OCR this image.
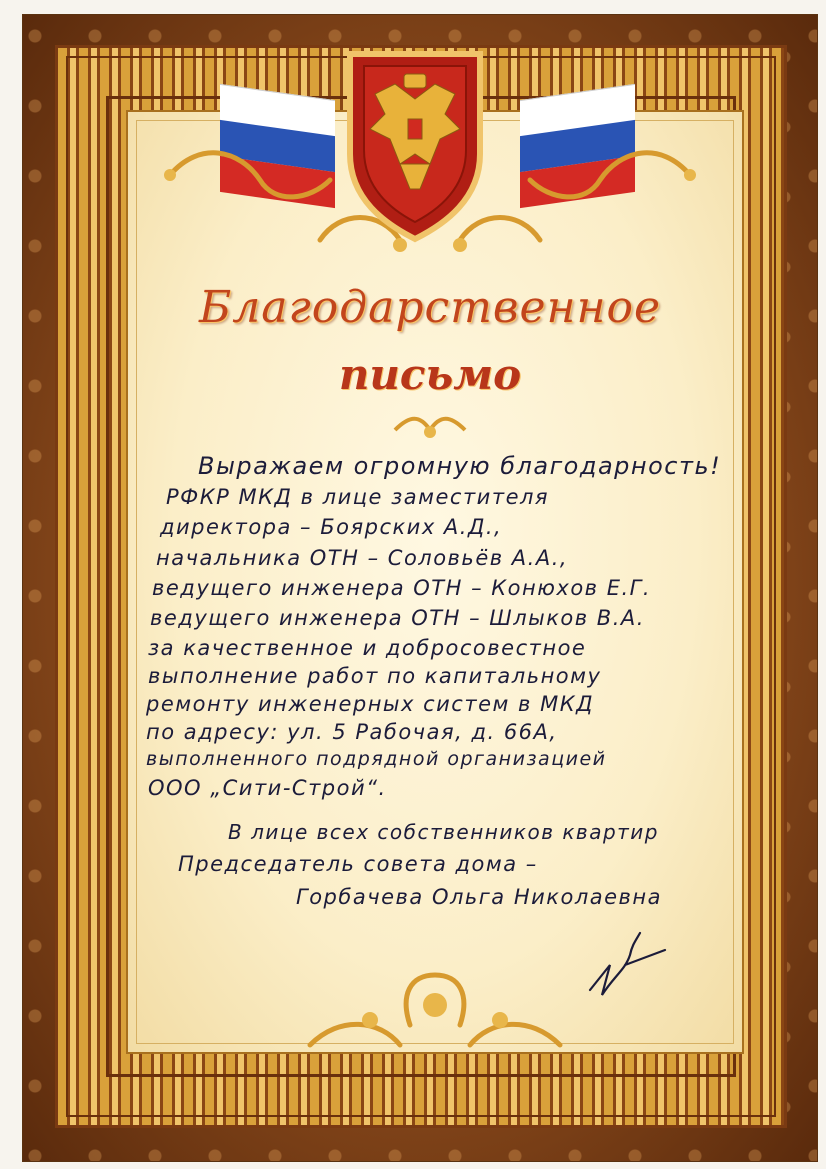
Благодарственное
письмо
Выражаем огромную благодарность!
РФКР МКД в лице заместителя
директора – Боярских А.Д.,
начальника ОТН – Соловьёв А.А.,
ведущего инженера ОТН – Конюхов Е.Г.
ведущего инженера ОТН – Шлыков В.А.
за качественное и добросовестное
выполнение работ по капитальному
ремонту инженерных систем в МКД
по адресу: ул. 5 Рабочая, д. 66А,
выполненного подрядной организацией
ООО „Сити-Строй“.
В лице всех собственников квартир
Председатель совета дома –
Горбачева Ольга Николаевна
